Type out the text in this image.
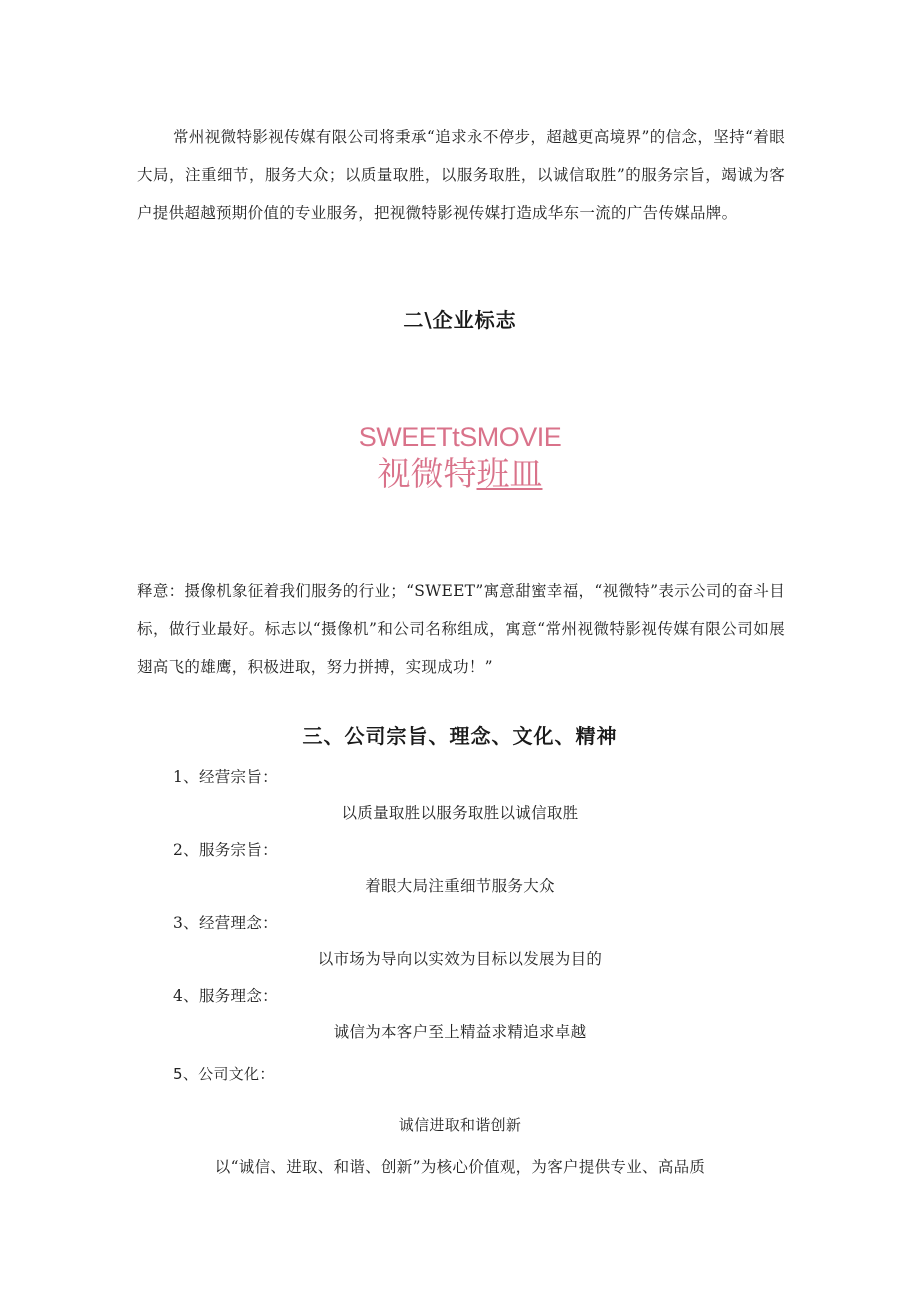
常州视微特影视传媒有限公司将秉承“追求永不停步，超越更高境界”的信念，坚持“着眼大局，注重细节，服务大众；以质量取胜，以服务取胜，以诚信取胜”的服务宗旨，竭诚为客户提供超越预期价值的专业服务，把视微特影视传媒打造成华东一流的广告传媒品牌。

二\企业标志
SWEETtSMOVIE
视微特班皿

释意：摄像机象征着我们服务的行业；“SWEET”寓意甜蜜幸福，“视微特”表示公司的奋斗目标，做行业最好。标志以“摄像机”和公司名称组成，寓意“常州视微特影视传媒有限公司如展翅高飞的雄鹰，积极进取，努力拼搏，实现成功！”

三、公司宗旨、理念、文化、精神

1、经营宗旨：

以质量取胜以服务取胜以诚信取胜

2、服务宗旨：

着眼大局注重细节服务大众

3、经营理念：

以市场为导向以实效为目标以发展为目的

4、服务理念：

诚信为本客户至上精益求精追求卓越

5、公司文化：

诚信进取和谐创新

以“诚信、进取、和谐、创新”为核心价值观，为客户提供专业、高品质
